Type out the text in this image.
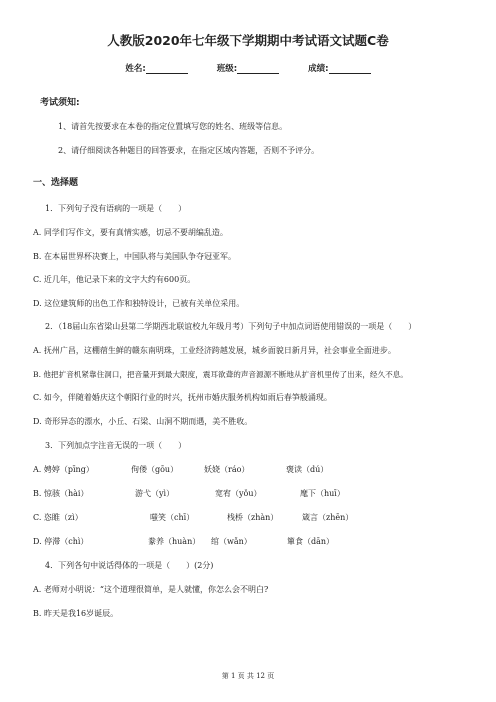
人教版2020年七年级下学期期中考试语文试题C卷
姓名:	班级:	成绩:
考试须知:
1、请首先按要求在本卷的指定位置填写您的姓名、班级等信息。
2、请仔细阅读各种题目的回答要求，在指定区域内答题，否则不予评分。
一、选择题
1．下列句子没有语病的一项是（　　）
A. 同学们写作文，要有真情实感，切忌不要胡编乱造。
B. 在本届世界杯决赛上，中国队将与美国队争夺冠亚军。
C. 近几年，他记录下来的文字大约有600页。
D. 这位建筑师的出色工作和独特设计，已被有关单位采用。
2．（18届山东省梁山县第二学期西北联谊校九年级月考）下列句子中加点词语使用错误的一项是（　　）
A. 抚州广昌，这棚蓿生鲜的赣东南明珠，工业经济跨越发展，城乡面貌日新月异，社会事业全面进步。
B. 他把扩音机紧靠住洞口，把音量开到最大限度，震耳欲聋的声音源源不断地从扩音机里传了出来，经久不息。
C. 如今，伴随着婚庆这个朝阳行业的时兴，抚州市婚庆服务机构如雨后春笋般涌现。
D. 奇形异态的漂水，小丘、石梁、山洞不期而遇，美不胜收。
3．下列加点字注音无误的一项（　　）
A. 娉婷（pīng）	佝偻（gōu）	妖娆（ráo）	褒读（dú）
B. 惊骇（hài）	游弋（yì）	宽宥（yǒu）	麾下（huī）
C. 恣睢（zì）	嗤笑（chī）	栈桥（zhàn）	箴言（zhēn）
D. 停滞（chì）	豢养（huàn） 绾（wǎn）	簞食（dān）
4．下列各句中说话得体的一项是（　　）(2分)
A. 老师对小明说：“这个道理很简单，是人就懂，你怎么会不明白?
B. 昨天是我16岁诞辰。
第 1 页 共 12 页
